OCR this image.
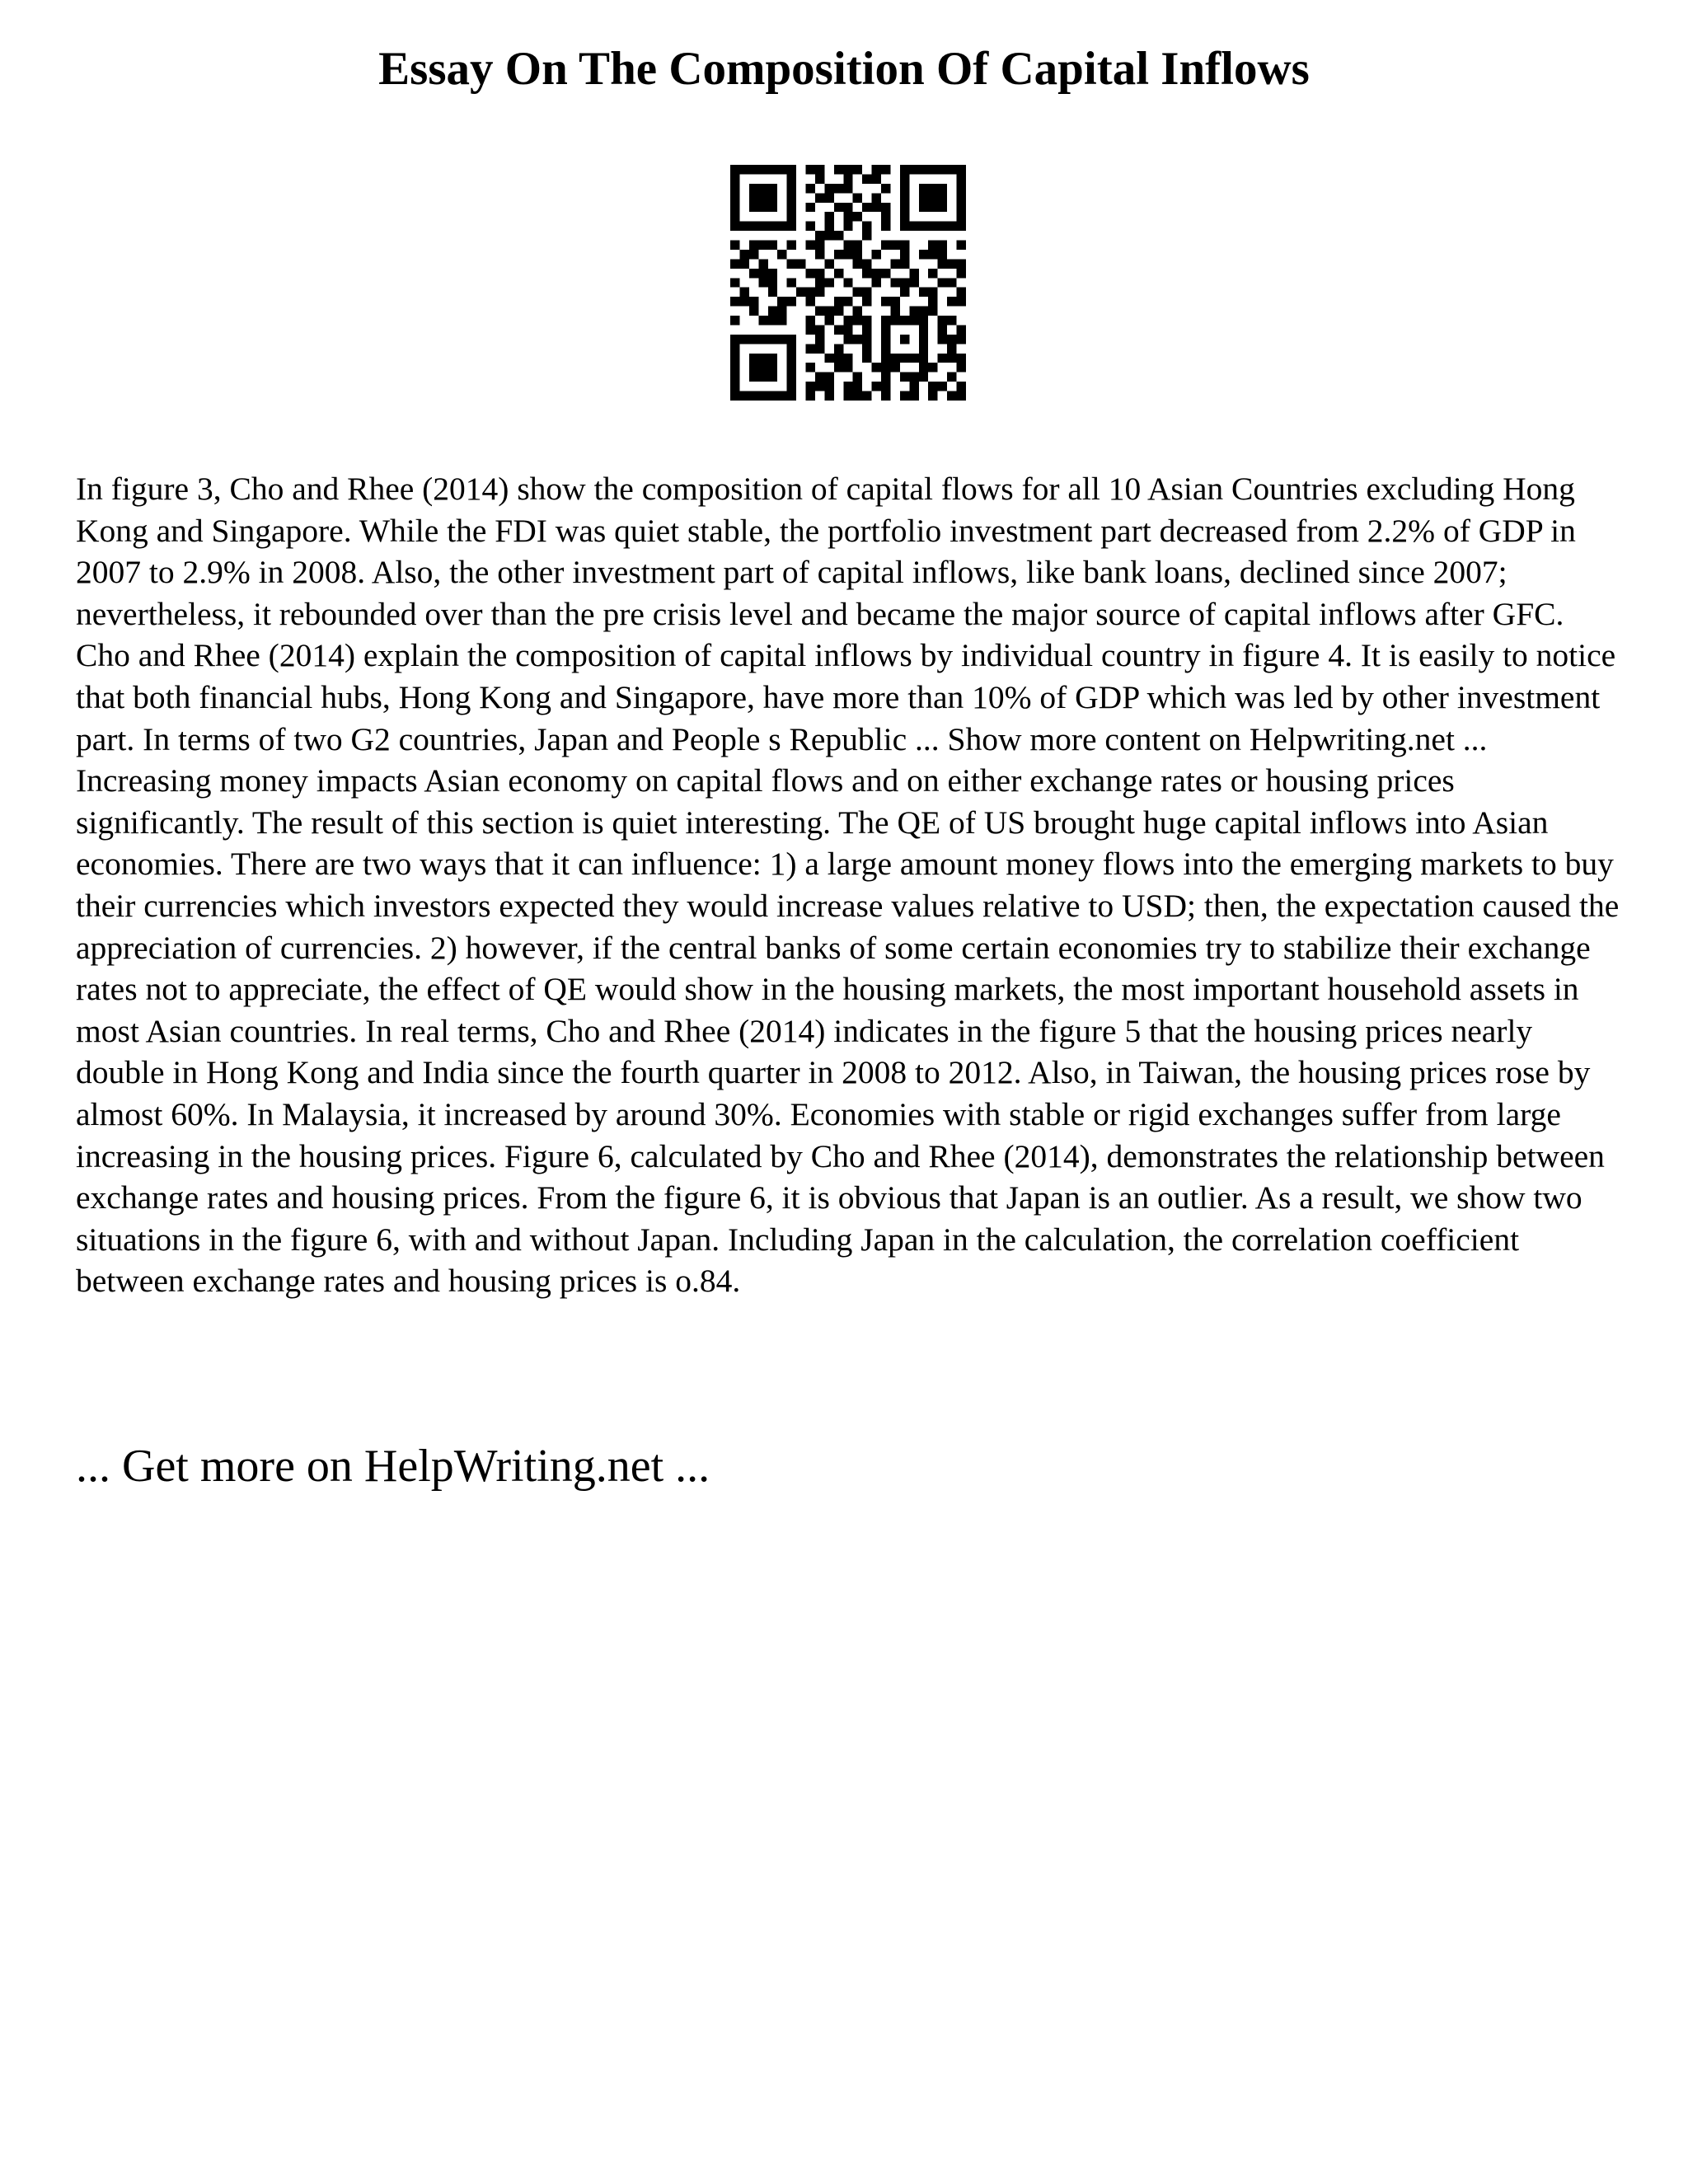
Essay On The Composition Of Capital Inflows

In figure 3, Cho and Rhee (2014) show the composition of capital flows for all 10 Asian Countries excluding Hong Kong and Singapore. While the FDI was quiet stable, the portfolio investment part decreased from 2.2% of GDP in 2007 to 2.9% in 2008. Also, the other investment part of capital inflows, like bank loans, declined since 2007; nevertheless, it rebounded over than the pre crisis level and became the major source of capital inflows after GFC. Cho and Rhee (2014) explain the composition of capital inflows by individual country in figure 4. It is easily to notice that both financial hubs, Hong Kong and Singapore, have more than 10% of GDP which was led by other investment part. In terms of two G2 countries, Japan and People s Republic ... Show more content on Helpwriting.net ...

Increasing money impacts Asian economy on capital flows and on either exchange rates or housing prices significantly. The result of this section is quiet interesting. The QE of US brought huge capital inflows into Asian economies. There are two ways that it can influence: 1) a large amount money flows into the emerging markets to buy their currencies which investors expected they would increase values relative to USD; then, the expectation caused the appreciation of currencies. 2) however, if the central banks of some certain economies try to stabilize their exchange rates not to appreciate, the effect of QE would show in the housing markets, the most important household assets in most Asian countries. In real terms, Cho and Rhee (2014) indicates in the figure 5 that the housing prices nearly double in Hong Kong and India since the fourth quarter in 2008 to 2012. Also, in Taiwan, the housing prices rose by almost 60%. In Malaysia, it increased by around 30%. Economies with stable or rigid exchanges suffer from large increasing in the housing prices. Figure 6, calculated by Cho and Rhee (2014), demonstrates the relationship between exchange rates and housing prices. From the figure 6, it is obvious that Japan is an outlier. As a result, we show two situations in the figure 6, with and without Japan. Including Japan in the calculation, the correlation coefficient between exchange rates and housing prices is o.84.

... Get more on HelpWriting.net ...
